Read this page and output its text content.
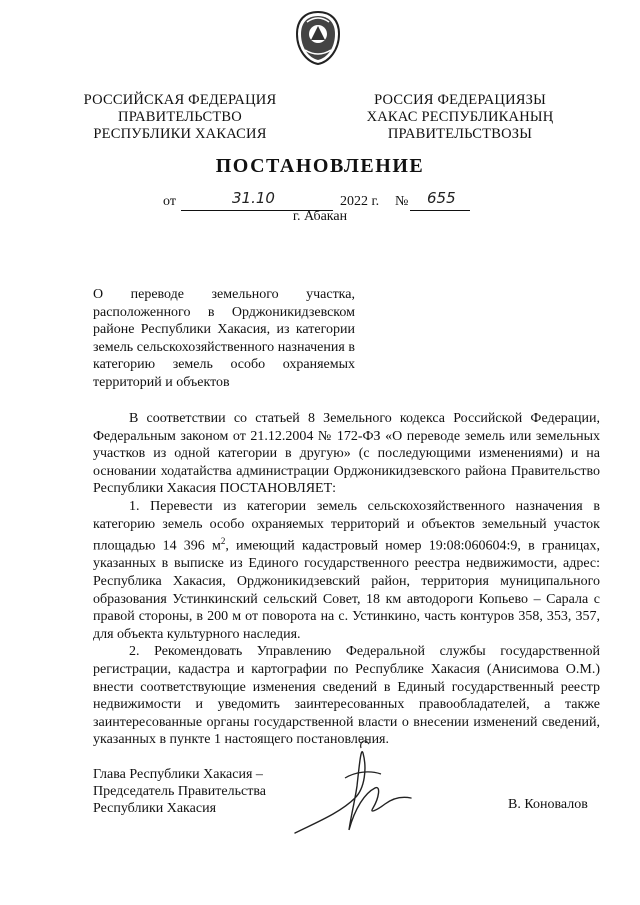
РОССИЙСКАЯ ФЕДЕРАЦИЯ
ПРАВИТЕЛЬСТВО
РЕСПУБЛИКИ ХАКАСИЯ
РОССИЯ ФЕДЕРАЦИЯЗЫ
ХАКАС РЕСПУБЛИКАНЫҢ
ПРАВИТЕЛЬСТВОЗЫ
ПОСТАНОВЛЕНИЕ
от	31.10	2022 г. № 655
г. Абакан
О переводе земельного участка, расположенного в Орджоникидзевском районе Республики Хакасия, из категории земель сельскохозяйственного назначения в категорию земель особо охраняемых территорий и объектов

В соответствии со статьей 8 Земельного кодекса Российской Федерации, Федеральным законом от 21.12.2004 № 172-ФЗ «О переводе земель или земельных участков из одной категории в другую» (с последующими изменениями) и на основании ходатайства администрации Орджоникидзевского района Правительство Республики Хакасия ПОСТАНОВЛЯЕТ:

1. Перевести из категории земель сельскохозяйственного назначения в категорию земель особо охраняемых территорий и объектов земельный участок площадью 14 396 $м^2$, имеющий кадастровый номер 19:08:060604:9, в границах, указанных в выписке из Единого государственного реестра недвижимости, адрес: Республика Хакасия, Орджоникидзевский район, территория муниципального образования Устинкинский сельский Совет, 18 км автодороги Копьево – Сарала с правой стороны, в 200 м от поворота на с. Устинкино, часть контуров 358, 353, 357, для объекта культурного наследия.

2. Рекомендовать Управлению Федеральной службы государственной регистрации, кадастра и картографии по Республике Хакасия (Анисимова О.М.) внести соответствующие изменения сведений в Единый государственный реестр недвижимости и уведомить заинтересованных правообладателей, а также заинтересованные органы государственной власти о внесении изменений сведений, указанных в пункте 1 настоящего постановления.

Глава Республики Хакасия –
Председатель Правительства
Республики Хакасия	В. Коновалов
